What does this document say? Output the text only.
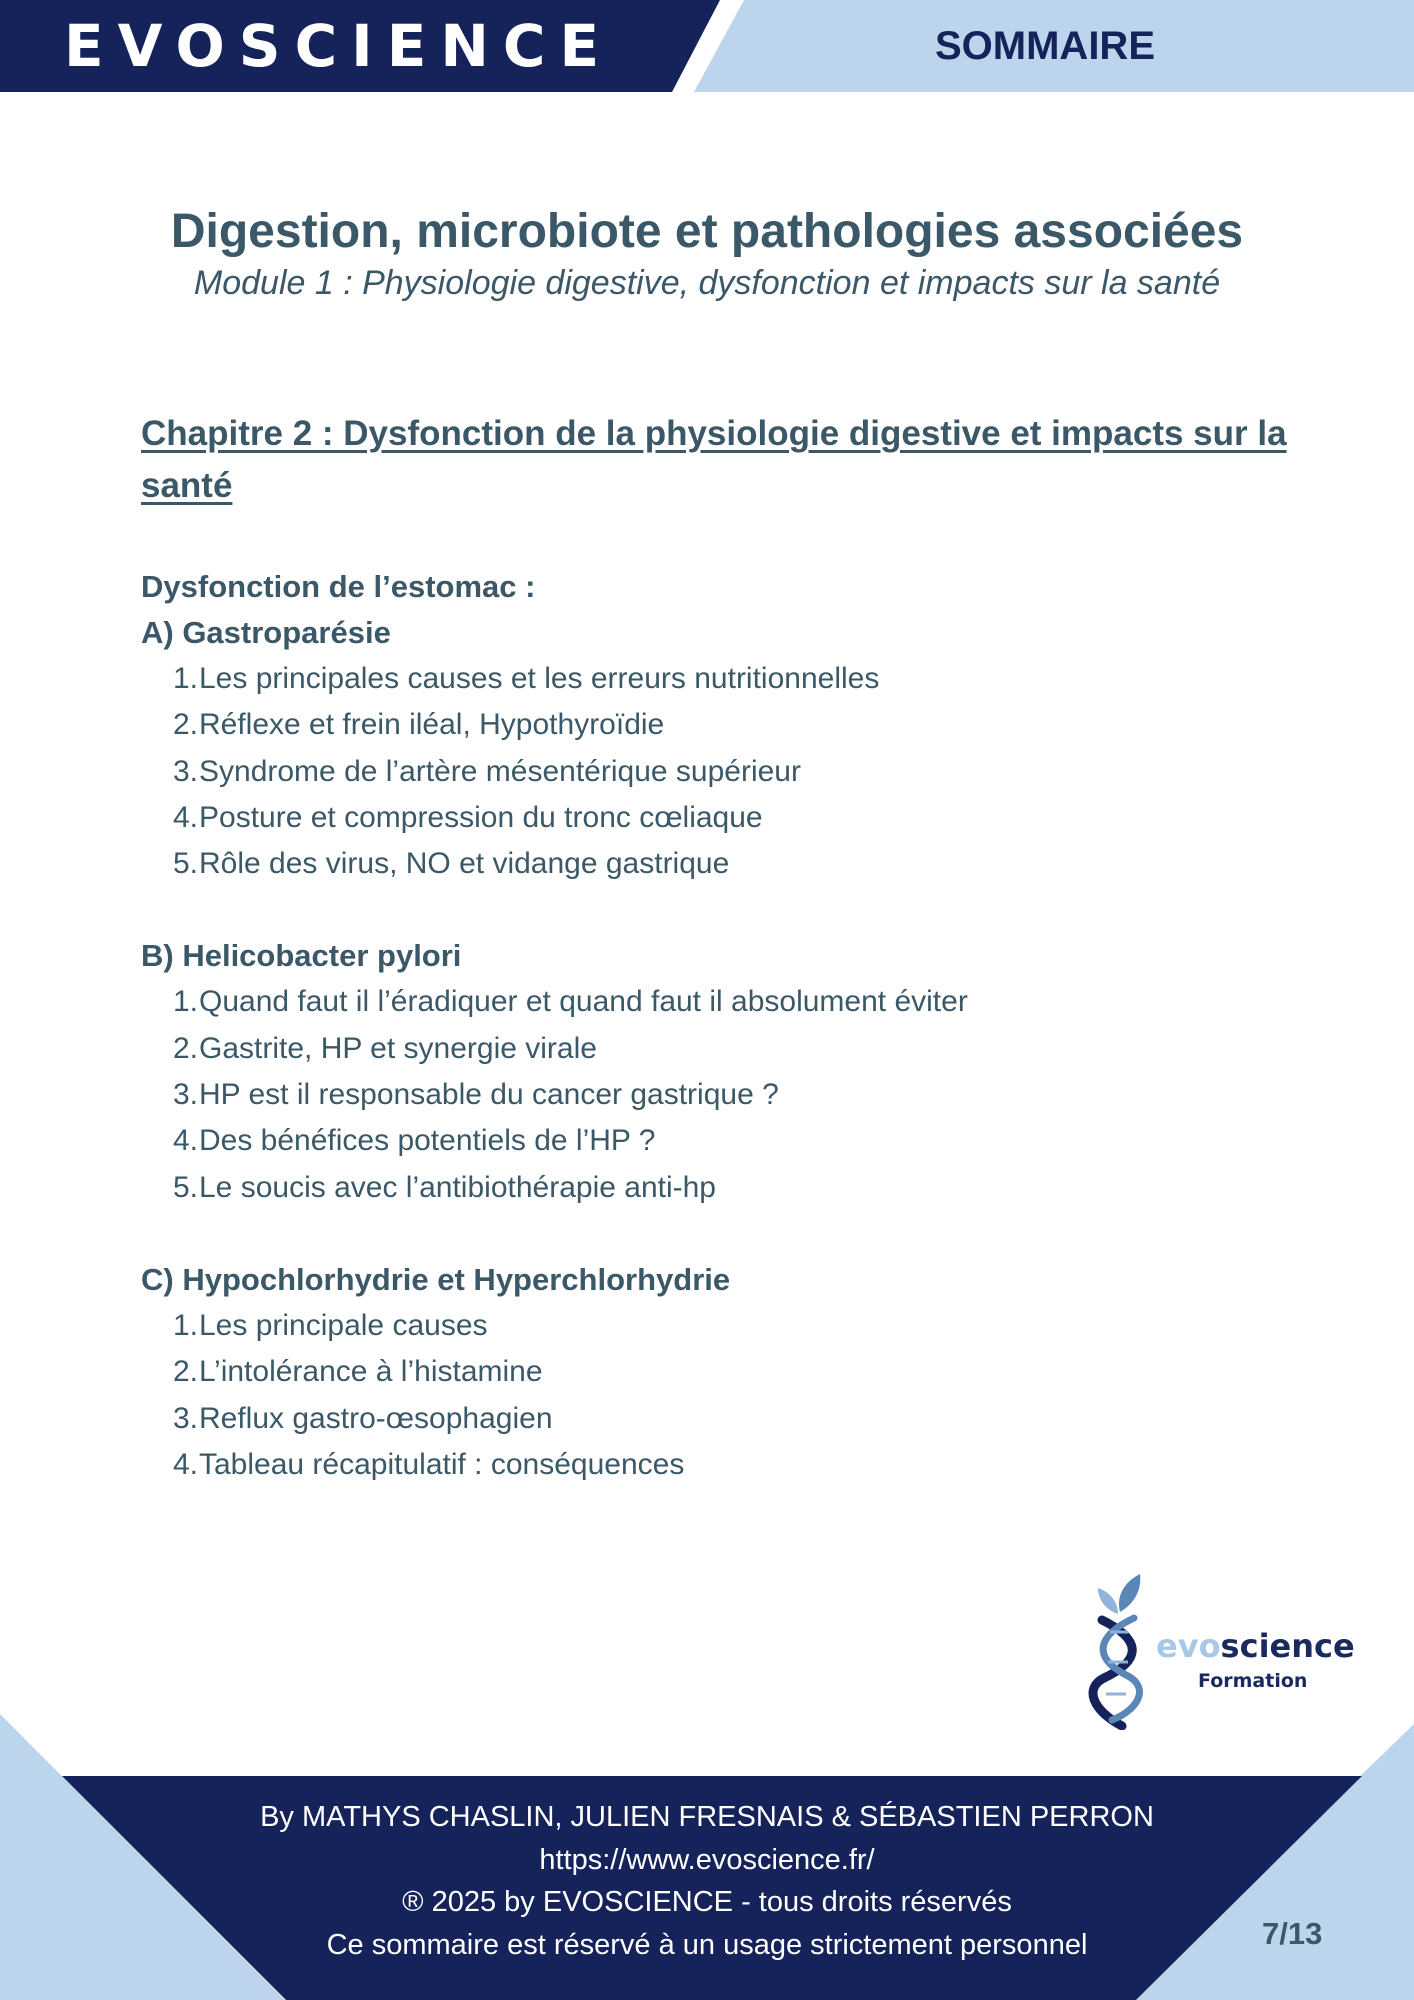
EVOSCIENCE	SOMMAIRE
Digestion, microbiote et pathologies associées

Module 1 : Physiologie digestive, dysfonction et impacts sur la santé

Chapitre 2 : Dysfonction de la physiologie digestive et impacts sur la santé

Dysfonction de l’estomac :

A) Gastroparésie

1. Les principales causes et les erreurs nutritionnelles
2. Réflexe et frein iléal, Hypothyroïdie
3. Syndrome de l’artère mésentérique supérieur
4. Posture et compression du tronc cœliaque
5. Rôle des virus, NO et vidange gastrique

B) Helicobacter pylori

1. Quand faut il l’éradiquer et quand faut il absolument éviter
2. Gastrite, HP et synergie virale
3. HP est il responsable du cancer gastrique ?
4. Des bénéfices potentiels de l’HP ?
5. Le soucis avec l’antibiothérapie anti-hp

C) Hypochlorhydrie et Hyperchlorhydrie

1. Les principale causes
2. L’intolérance à l’histamine
3. Reflux gastro-œsophagien
4. Tableau récapitulatif : conséquences
evoscience
Formation
By MATHYS CHASLIN, JULIEN FRESNAIS & SÉBASTIEN PERRON
https://www.evoscience.fr/
® 2025 by EVOSCIENCE - tous droits réservés
Ce sommaire est réservé à un usage strictement personnel	7/13
